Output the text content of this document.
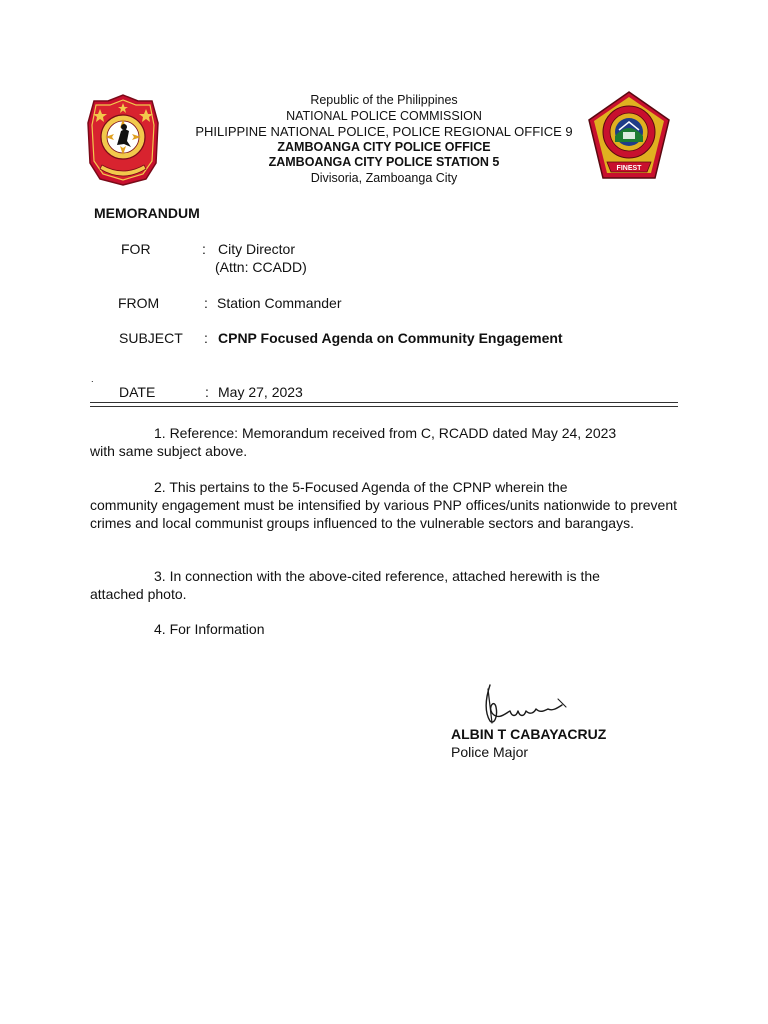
FINEST
Republic of the Philippines
NATIONAL POLICE COMMISSION
PHILIPPINE NATIONAL POLICE, POLICE REGIONAL OFFICE 9
ZAMBOANGA CITY POLICE OFFICE
ZAMBOANGA CITY POLICE STATION 5
Divisoria, Zamboanga City
MEMORANDUM
FOR	: City Director
(Attn: CCADD)
FROM	: Station Commander
SUBJECT : CPNP Focused Agenda on Community Engagement
˙ DATE	: May 27, 2023
1. Reference: Memorandum received from C, RCADD dated May 24, 2023
with same subject above.
2. This pertains to the 5-Focused Agenda of the CPNP wherein the
community engagement must be intensified by various PNP offices/units nationwide to prevent crimes and local communist groups influenced to the vulnerable sectors and barangays.
3. In connection with the above-cited reference, attached herewith is the
attached photo.
4. For Information
ALBIN T CABAYACRUZ
Police Major
